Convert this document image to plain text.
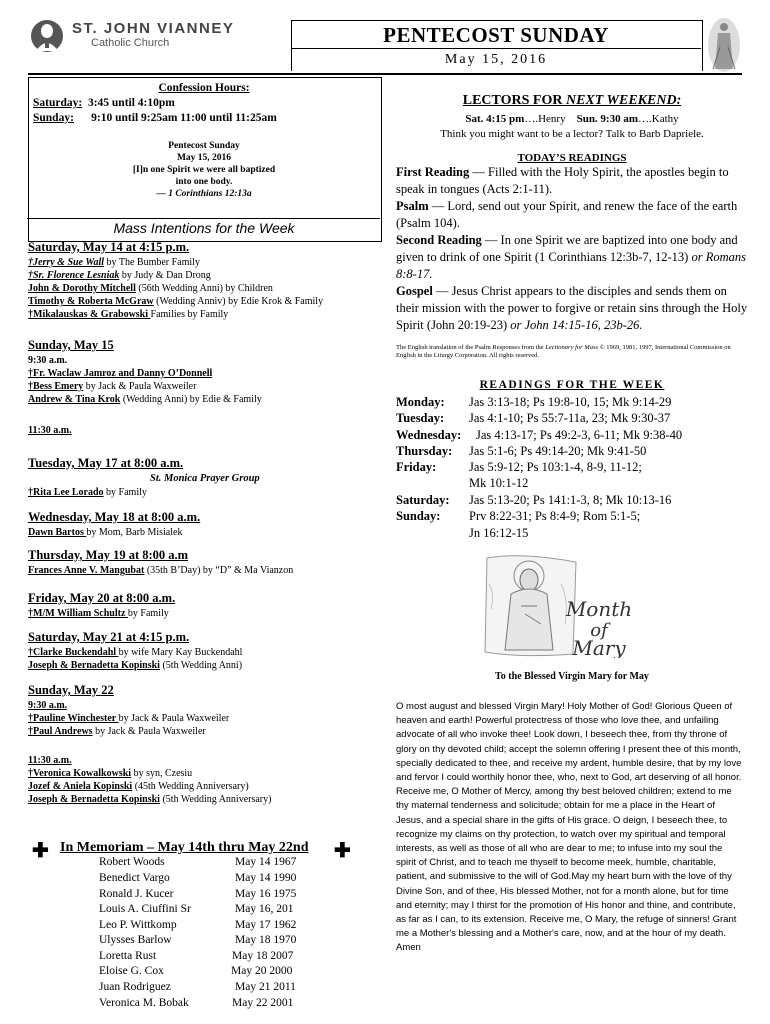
ST. JOHN VIANNEY
Catholic Church	PENTECOST SUNDAY
May 15, 2016
Confession Hours:
Saturday: 3:45 until 4:10pm
Sunday: 9:10 until 9:25am 11:00 until 11:25am
Pentecost Sunday
May 15, 2016
[I]n one Spirit we were all baptized
into one body.
— 1 Corinthians 12:13a
Mass Intentions for the Week
Saturday, May 14 at 4:15 p.m.
†Jerry & Sue Wall by The Bumber Family
†Sr. Florence Lesniak by Judy & Dan Drong
John & Dorothy Mitchell (56th Wedding Anni) by Children
Timothy & Roberta McGraw (Wedding Anniv) by Edie Krok & Family
†Mikalauskas & Grabowski Families by Family
Sunday, May 15
9:30 a.m.
†Fr. Waclaw Jamroz and Danny O’Donnell
†Bess Emery by Jack & Paula Waxweiler
Andrew & Tina Krok (Wedding Anni) by Edie & Family
11:30 a.m.
Tuesday, May 17 at 8:00 a.m.
St. Monica Prayer Group
†Rita Lee Lorado by Family
Wednesday, May 18 at 8:00 a.m.
Dawn Bartos by Mom, Barb Misialek
Thursday, May 19 at 8:00 a.m
Frances Anne V. Mangubat (35th B’Day) by “D” & Ma Vianzon
Friday, May 20 at 8:00 a.m.
†M/M William Schultz by Family
Saturday, May 21 at 4:15 p.m.
†Clarke Buckendahl by wife Mary Kay Buckendahl
Joseph & Bernadetta Kopinski (5th Wedding Anni)
Sunday, May 22
9:30 a.m.
†Pauline Winchester by Jack & Paula Waxweiler
†Paul Andrews by Jack & Paula Waxweiler
11:30 a.m.
†Veronica Kowalkowski by syn, Czesiu
Jozef & Aniela Kopinski (45th Wedding Anniversary)
Joseph & Bernadetta Kopinski (5th Wedding Anniversary)
✚ In Memoriam – May 14th thru May 22nd ✚
Robert Woods	May 14 1967
Benedict Vargo	May 14 1990
Ronald J. Kucer	May 16 1975
Louis A. Ciuffini Sr	May 16, 201
Leo P. Wittkomp	May 17 1962
Ulysses Barlow	May 18 1970
Loretta Rust	May 18 2007
Eloise G. Cox	May 20 2000
Juan Rodriguez	May 21 2011
Veronica M. Bobak	May 22 2001
LECTORS FOR NEXT WEEKEND:
Sat. 4:15 pm….Henry Sun. 9:30 am….Kathy
Think you might want to be a lector? Talk to Barb Dapriele.
TODAY’S READINGS
First Reading — Filled with the Holy Spirit, the apostles begin to speak in tongues (Acts 2:1-11).
Psalm — Lord, send out your Spirit, and renew the face of the earth (Psalm 104).
Second Reading — In one Spirit we are baptized into one body and given to drink of one Spirit (1 Corinthians 12:3b-7, 12-13) or Romans 8:8-17.
Gospel — Jesus Christ appears to the disciples and sends them on their mission with the power to forgive or retain sins through the Holy Spirit (John 20:19-23) or John 14:15-16, 23b-26.
The English translation of the Psalm Responses from the Lectionary for Mass © 1969, 1981, 1997, International Commission on English in the Liturgy Corporation. All rights reserved.
READINGS FOR THE WEEK
Monday: Jas 3:13-18; Ps 19:8-10, 15; Mk 9:14-29
Tuesday: Jas 4:1-10; Ps 55:7-11a, 23; Mk 9:30-37
Wednesday: Jas 4:13-17; Ps 49:2-3, 6-11; Mk 9:38-40
Thursday: Jas 5:1-6; Ps 49:14-20; Mk 9:41-50
Friday:	Jas 5:9-12; Ps 103:1-4, 8-9, 11-12;
Mk 10:1-12
Saturday: Jas 5:13-20; Ps 141:1-3, 8; Mk 10:13-16
Sunday: Prv 8:22-31; Ps 8:4-9; Rom 5:1-5;
Jn 16:12-15
Month
of
Mary
To the Blessed Virgin Mary for May
O most august and blessed Virgin Mary! Holy Mother of God! Glorious Queen of heaven and earth! Powerful protectress of those who love thee, and unfailing advocate of all who invoke thee! Look down, I beseech thee, from thy throne of glory on thy devoted child; accept the solemn offering I present thee of this month, specially dedicated to thee, and receive my ardent, humble desire, that by my love and fervor I could worthily honor thee, who, next to God, art deserving of all honor. Receive me, O Mother of Mercy, among thy best beloved children; extend to me thy maternal tenderness and solicitude; obtain for me a place in the Heart of Jesus, and a special share in the gifts of His grace. O deign, I beseech thee, to recognize my claims on thy protection, to watch over my spiritual and temporal interests, as well as those of all who are dear to me; to infuse into my soul the spirit of Christ, and to teach me thyself to become meek, humble, charitable, patient, and submissive to the will of God.May my heart burn with the love of thy Divine Son, and of thee, His blessed Mother, not for a month alone, but for time and eternity; may I thirst for the promotion of His honor and thine, and contribute, as far as I can, to its extension. Receive me, O Mary, the refuge of sinners! Grant me a Mother's blessing and a Mother's care, now, and at the hour of my death. Amen
